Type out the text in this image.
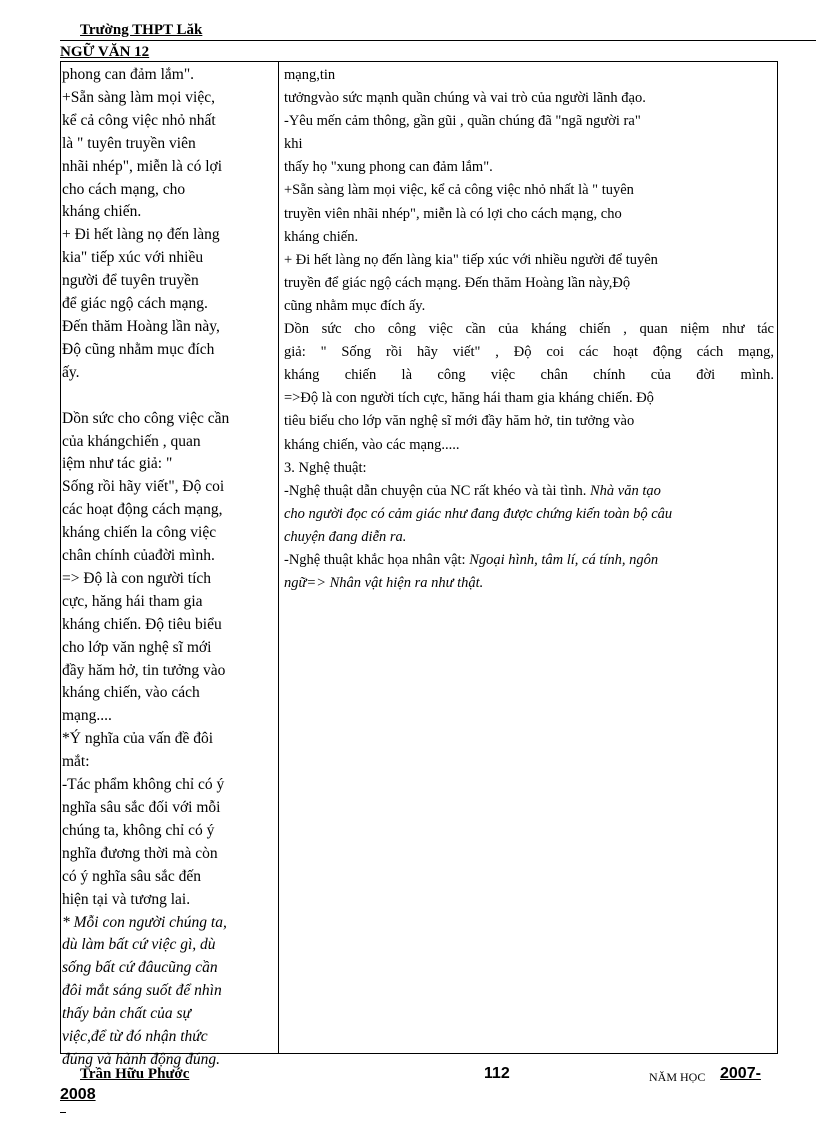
Trường THPT Lăk
NGỮ VĂN 12
phong can đảm lắm".
+Sẵn sàng làm mọi việc,
kể cả công việc nhỏ nhất
là " tuyên truyền viên
nhãi nhép", miễn là có lợi
cho cách mạng, cho
kháng chiến.
+ Đi hết làng nọ đến làng
kia" tiếp xúc với nhiều
người để tuyên truyền
để giác ngộ cách mạng.
Đến thăm Hoàng lần này,
Độ cũng nhằm mục đích
ấy.

Dồn sức cho công việc cần
của khángchiến , quan
iệm như tác giả: "
Sống rồi hãy viết", Độ coi
các hoạt động cách mạng,
kháng chiến la công việc
chân chính củađời mình.
=> Độ là con người tích
cực, hăng hái tham gia
kháng chiến. Độ tiêu biểu
cho lớp văn nghệ sĩ mới
đầy hăm hở, tin tưởng vào
kháng chiến, vào cách
mạng....
*Ý nghĩa của vấn đề đôi
mắt:
-Tác phẩm không chỉ có ý
nghĩa sâu sắc đối với mỗi
chúng ta, không chỉ có ý
nghĩa đương thời mà còn
có ý nghĩa sâu sắc đến
hiện tại và tương lai.
* Mỗi con người chúng ta,
dù làm bất cứ việc gì, dù
sống bất cứ đâucũng cần
đôi mắt sáng suốt để nhìn
thấy bản chất của sự
việc,để từ đó nhận thức
đúng và hành động đúng.
mạng,tin
tưởngvào sức mạnh quần chúng và vai trò của người lãnh đạo.
-Yêu mến cảm thông, gần gũi , quần chúng đã "ngã người ra"
khi
thấy họ "xung phong can đảm lắm".
+Sẵn sàng làm mọi việc, kể cả công việc nhỏ nhất là " tuyên
truyền viên nhãi nhép", miễn là có lợi cho cách mạng, cho
kháng chiến.
+ Đi hết làng nọ đến làng kia" tiếp xúc với nhiều người để tuyên
truyền để giác ngộ cách mạng. Đến thăm Hoàng lần này,Độ
cũng nhằm mục đích ấy.
Dồn sức cho công việc cần của kháng chiến , quan niệm như tác
giả: " Sống rồi hãy viết" , Độ coi các hoạt động cách mạng,
kháng chiến là công việc chân chính của đời mình.
=>Độ là con người tích cực, hăng hái tham gia kháng chiến. Độ
tiêu biểu cho lớp văn nghệ sĩ mới đầy hăm hở, tin tưởng vào
kháng chiến, vào các mạng.....
3. Nghệ thuật:
-Nghệ thuật dẫn chuyện của NC rất khéo và tài tình. Nhà văn tạo
cho người đọc có cảm giác như đang được chứng kiến toàn bộ câu
chuyện đang diễn ra.
-Nghệ thuật khắc họa nhân vật: Ngoại hình, tâm lí, cá tính, ngôn
ngữ=> Nhân vật hiện ra như thật.
Trần Hữu Phước	112	NĂM HỌC 2007-
2008
